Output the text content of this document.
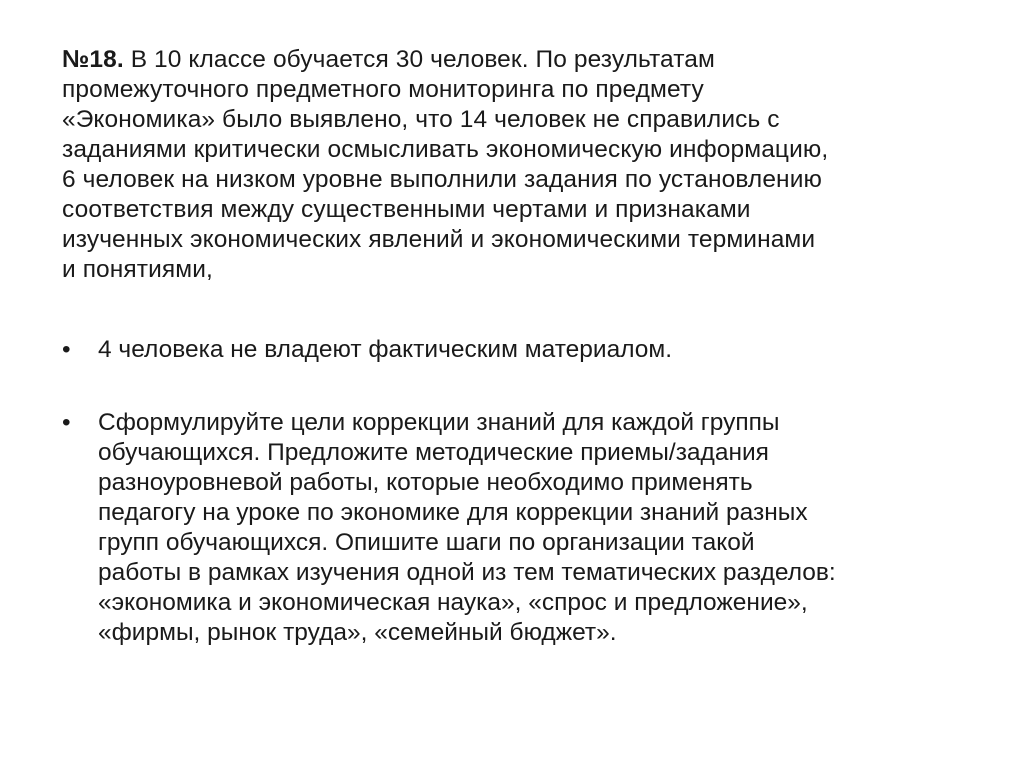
№18. В 10 классе обучается 30 человек. По результатам
промежуточного предметного мониторинга по предмету
«Экономика» было выявлено, что 14 человек не справились с
заданиями критически осмысливать экономическую информацию,
6 человек на низком уровне выполнили задания по установлению
соответствия между существенными чертами и признаками
изученных экономических явлений и экономическими терминами
и понятиями,
•	4 человека не владеют фактическим материалом.
•	Сформулируйте цели коррекции знаний для каждой группы
обучающихся. Предложите методические приемы/задания
разноуровневой работы, которые необходимо применять
педагогу на уроке по экономике для коррекции знаний разных
групп обучающихся. Опишите шаги по организации такой
работы в рамках изучения одной из тем тематических разделов:
«экономика и экономическая наука», «спрос и предложение»,
«фирмы, рынок труда», «семейный бюджет».
